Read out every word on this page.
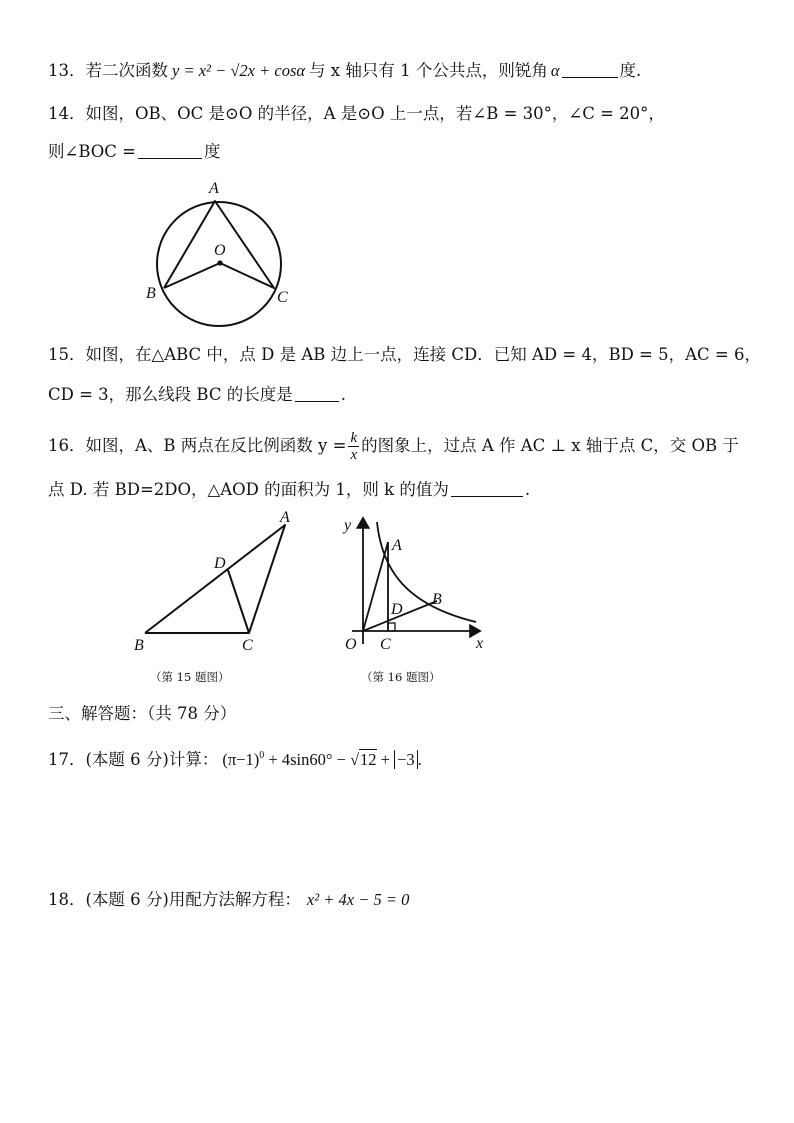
13．若二次函数 y = x² − √2x + cosα 与 x 轴只有 1 个公共点，则锐角 α	度.
14．如图，OB、OC 是⊙O 的半径，A 是⊙O 上一点，若∠B = 30°，∠C = 20°，
则∠BOC =	度
A
O
B	C
15．如图，在△ABC 中，点 D 是 AB 边上一点，连接 CD．已知 AD = 4，BD = 5，AC = 6，
CD = 3，那么线段 BC 的长度是	.
16．如图，A、B 两点在反比例函数 $y = \frac{k}{x}$ 的图象上，过点 A 作 AC ⊥ x 轴于点 C，交 OB 于
点 D. 若 BD=2DO，△AOD 的面积为 1，则 k 的值为	.
A
D
B	C
（第 15 题图）
y
x
O
A
B
C
D
（第 16 题图）
三、解答题：（共 78 分）
17．(本题 6 分)计算： $(\pi-1)^0 + 4\sin 60^\circ - √12 + -3$ .
18．(本题 6 分)用配方法解方程： x² + 4x − 5 = 0
